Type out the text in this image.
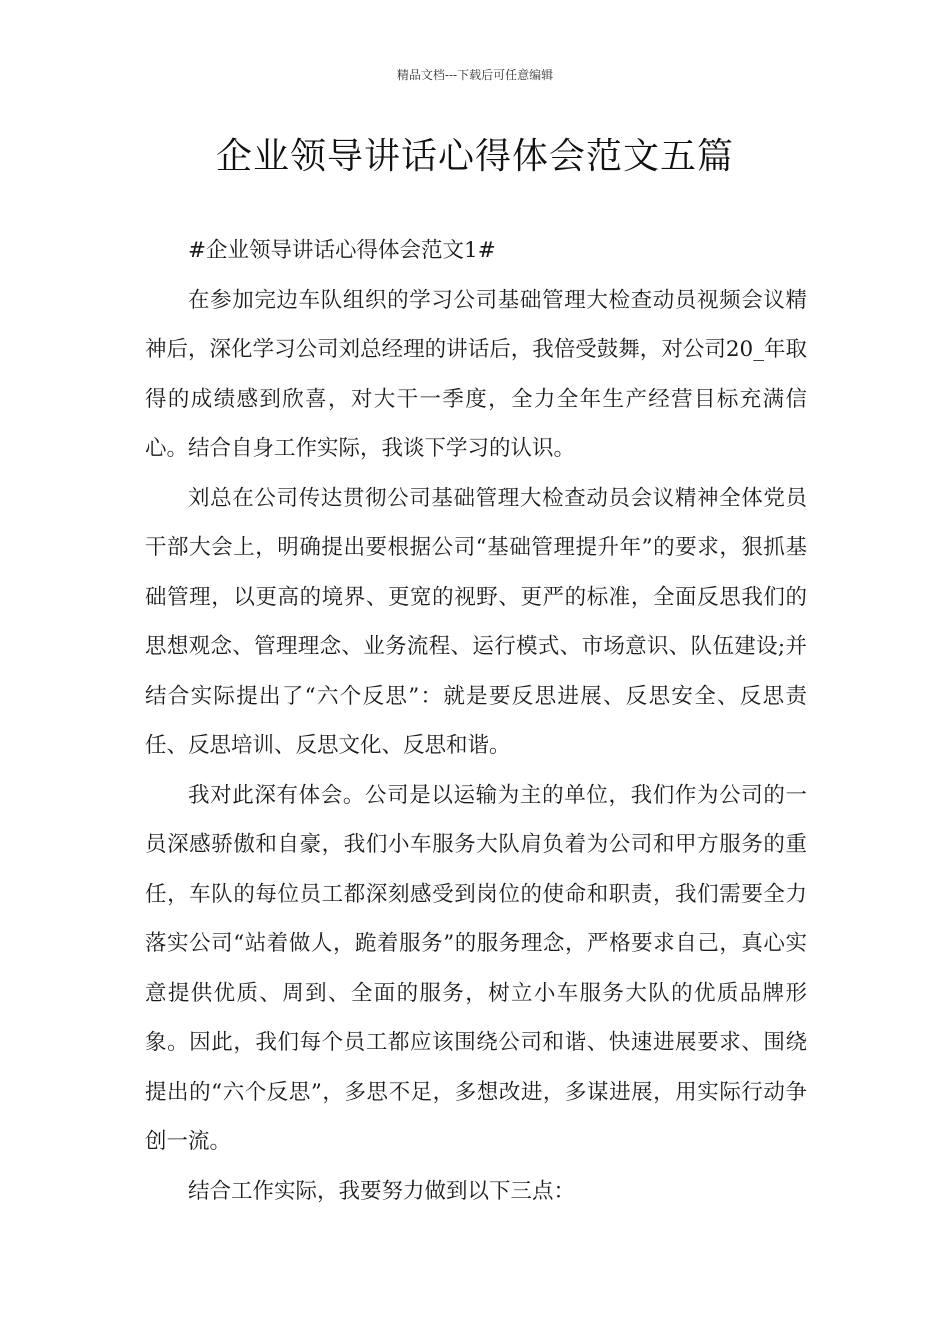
精品文档---下载后可任意编辑
企业领导讲话心得体会范文五篇

#企业领导讲话心得体会范文1#

在参加完边车队组织的学习公司基础管理大检查动员视频会议精神后，深化学习公司刘总经理的讲话后，我倍受鼓舞，对公司20_年取得的成绩感到欣喜，对大干一季度，全力全年生产经营目标充满信心。结合自身工作实际，我谈下学习的认识。

刘总在公司传达贯彻公司基础管理大检查动员会议精神全体党员干部大会上，明确提出要根据公司“基础管理提升年”的要求，狠抓基础管理，以更高的境界、更宽的视野、更严的标准，全面反思我们的思想观念、管理理念、业务流程、运行模式、市场意识、队伍建设;并结合实际提出了“六个反思”：就是要反思进展、反思安全、反思责任、反思培训、反思文化、反思和谐。

我对此深有体会。公司是以运输为主的单位，我们作为公司的一员深感骄傲和自豪，我们小车服务大队肩负着为公司和甲方服务的重任，车队的每位员工都深刻感受到岗位的使命和职责，我们需要全力落实公司“站着做人，跪着服务”的服务理念，严格要求自己，真心实意提供优质、周到、全面的服务，树立小车服务大队的优质品牌形象。因此，我们每个员工都应该围绕公司和谐、快速进展要求、围绕提出的“六个反思”，多思不足，多想改进，多谋进展，用实际行动争创一流。

结合工作实际，我要努力做到以下三点：
